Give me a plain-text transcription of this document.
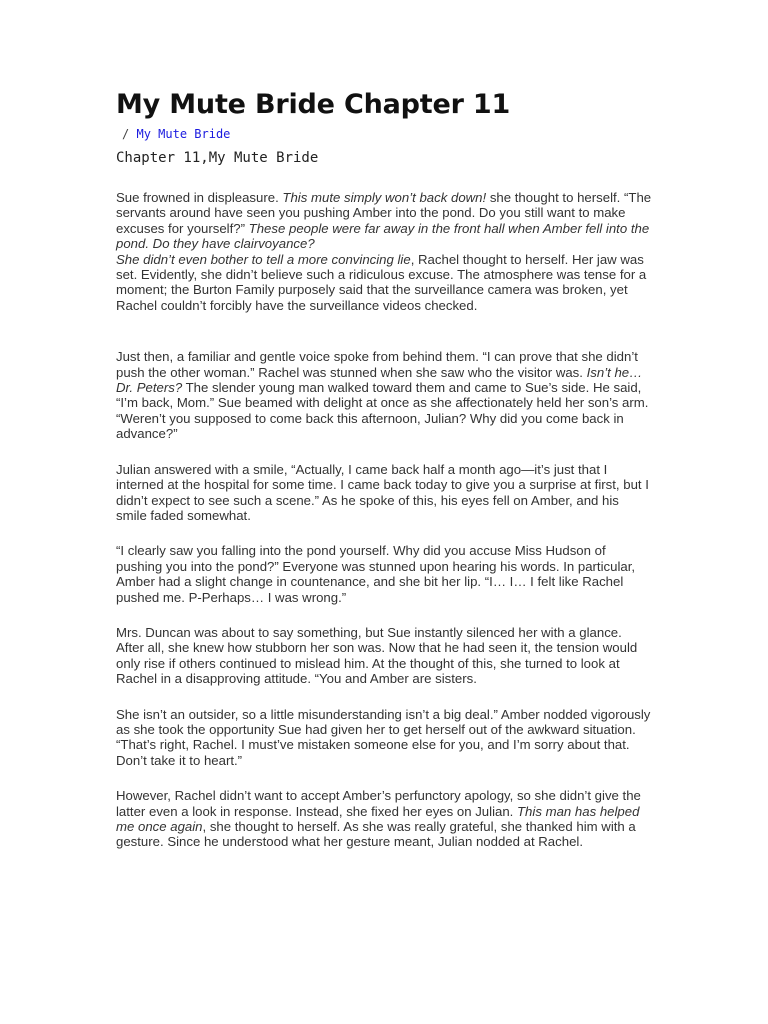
My Mute Bride Chapter 11
/ My Mute Bride
Chapter 11,My Mute Bride

Sue frowned in displeasure. This mute simply won’t back down! she thought to herself. “The servants around have seen you pushing Amber into the pond. Do you still want to make excuses for yourself?” These people were far away in the front hall when Amber fell into the pond. Do they have clairvoyance?
She didn’t even bother to tell a more convincing lie, Rachel thought to herself. Her jaw was set. Evidently, she didn’t believe such a ridiculous excuse. The atmosphere was tense for a moment; the Burton Family purposely said that the surveillance camera was broken, yet Rachel couldn’t forcibly have the surveillance videos checked.

Just then, a familiar and gentle voice spoke from behind them. “I can prove that she didn’t push the other woman.” Rachel was stunned when she saw who the visitor was. Isn’t he… Dr. Peters? The slender young man walked toward them and came to Sue’s side. He said, “I’m back, Mom.” Sue beamed with delight at once as she affectionately held her son’s arm. “Weren’t you supposed to come back this afternoon, Julian? Why did you come back in advance?”

Julian answered with a smile, “Actually, I came back half a month ago—it’s just that I interned at the hospital for some time. I came back today to give you a surprise at first, but I didn’t expect to see such a scene.” As he spoke of this, his eyes fell on Amber, and his smile faded somewhat.

“I clearly saw you falling into the pond yourself. Why did you accuse Miss Hudson of pushing you into the pond?” Everyone was stunned upon hearing his words. In particular, Amber had a slight change in countenance, and she bit her lip. “I… I… I felt like Rachel pushed me. P-Perhaps… I was wrong.”

Mrs. Duncan was about to say something, but Sue instantly silenced her with a glance. After all, she knew how stubborn her son was. Now that he had seen it, the tension would only rise if others continued to mislead him. At the thought of this, she turned to look at Rachel in a disapproving attitude. “You and Amber are sisters.

She isn’t an outsider, so a little misunderstanding isn’t a big deal.” Amber nodded vigorously as she took the opportunity Sue had given her to get herself out of the awkward situation. “That’s right, Rachel. I must’ve mistaken someone else for you, and I’m sorry about that. Don’t take it to heart.”

However, Rachel didn’t want to accept Amber’s perfunctory apology, so she didn’t give the latter even a look in response. Instead, she fixed her eyes on Julian. This man has helped me once again, she thought to herself. As she was really grateful, she thanked him with a gesture. Since he understood what her gesture meant, Julian nodded at Rachel.
